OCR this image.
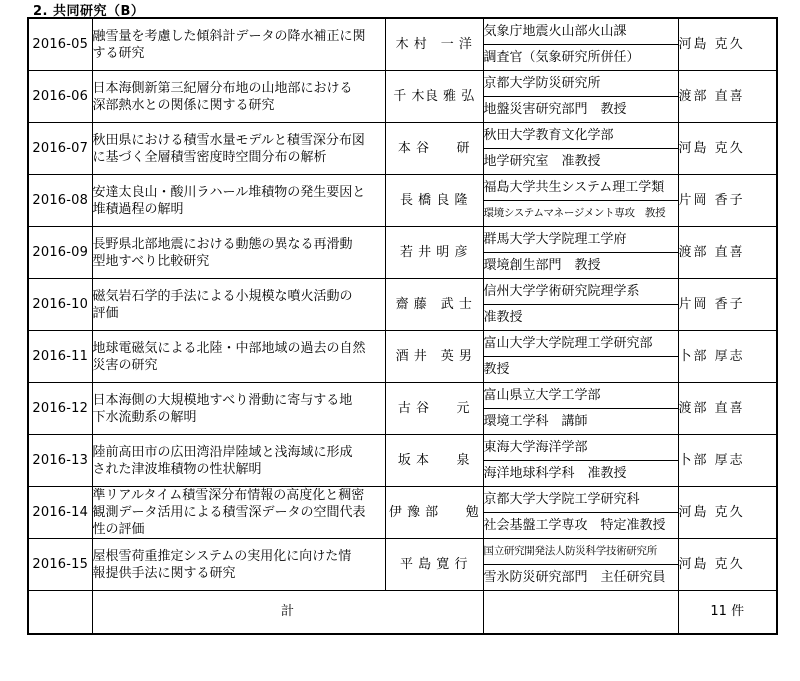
2. 共同研究（B）
2016-05	融雪量を考慮した傾斜計データの降水補正に関
する研究	木 村　一 洋	気象庁地震火山部火山課	河島 克久
			調査官（気象研究所併任）	
2016-06	日本海側新第三紀層分布地の山地部における
深部熱水との関係に関する研究	千 木良 雅 弘	京都大学防災研究所	渡部 直喜
			地盤災害研究部門　教授	
2016-07	秋田県における積雪水量モデルと積雪深分布図
に基づく全層積雪密度時空間分布の解析	本 谷　　研	秋田大学教育文化学部	河島 克久
			地学研究室　准教授	
2016-08	安達太良山・酸川ラハール堆積物の発生要因と
堆積過程の解明	長 橋 良 隆	福島大学共生システム理工学類	片岡 香子
			環境システムマネージメント専攻　教授	
2016-09	長野県北部地震における動態の異なる再滑動
型地すべり比較研究	若 井 明 彦	群馬大学大学院理工学府	渡部 直喜
			環境創生部門　教授	
2016-10	磁気岩石学的手法による小規模な噴火活動の
評価	齋 藤　武 士	信州大学学術研究院理学系	片岡 香子
			准教授	
2016-11	地球電磁気による北陸・中部地域の過去の自然
災害の研究	酒 井　英 男	富山大学大学院理工学研究部	卜部 厚志
			教授	
2016-12	日本海側の大規模地すべり滑動に寄与する地
下水流動系の解明	古 谷　　元	富山県立大学工学部	渡部 直喜
			環境工学科　講師	
2016-13	陸前高田市の広田湾沿岸陸域と浅海域に形成
された津波堆積物の性状解明	坂 本　　泉	東海大学海洋学部	卜部 厚志
			海洋地球科学科　准教授	
2016-14	準リアルタイム積雪深分布情報の高度化と稠密
観測データ活用による積雪深データの空間代表
性の評価	伊 豫 部　　勉	京都大学大学院工学研究科	河島 克久
			社会基盤工学専攻　特定准教授	
2016-15	屋根雪荷重推定システムの実用化に向けた情
報提供手法に関する研究	平 島 寛 行	国立研究開発法人防災科学技術研究所	河島 克久
			雪氷防災研究部門　主任研究員	
	計			11 件
